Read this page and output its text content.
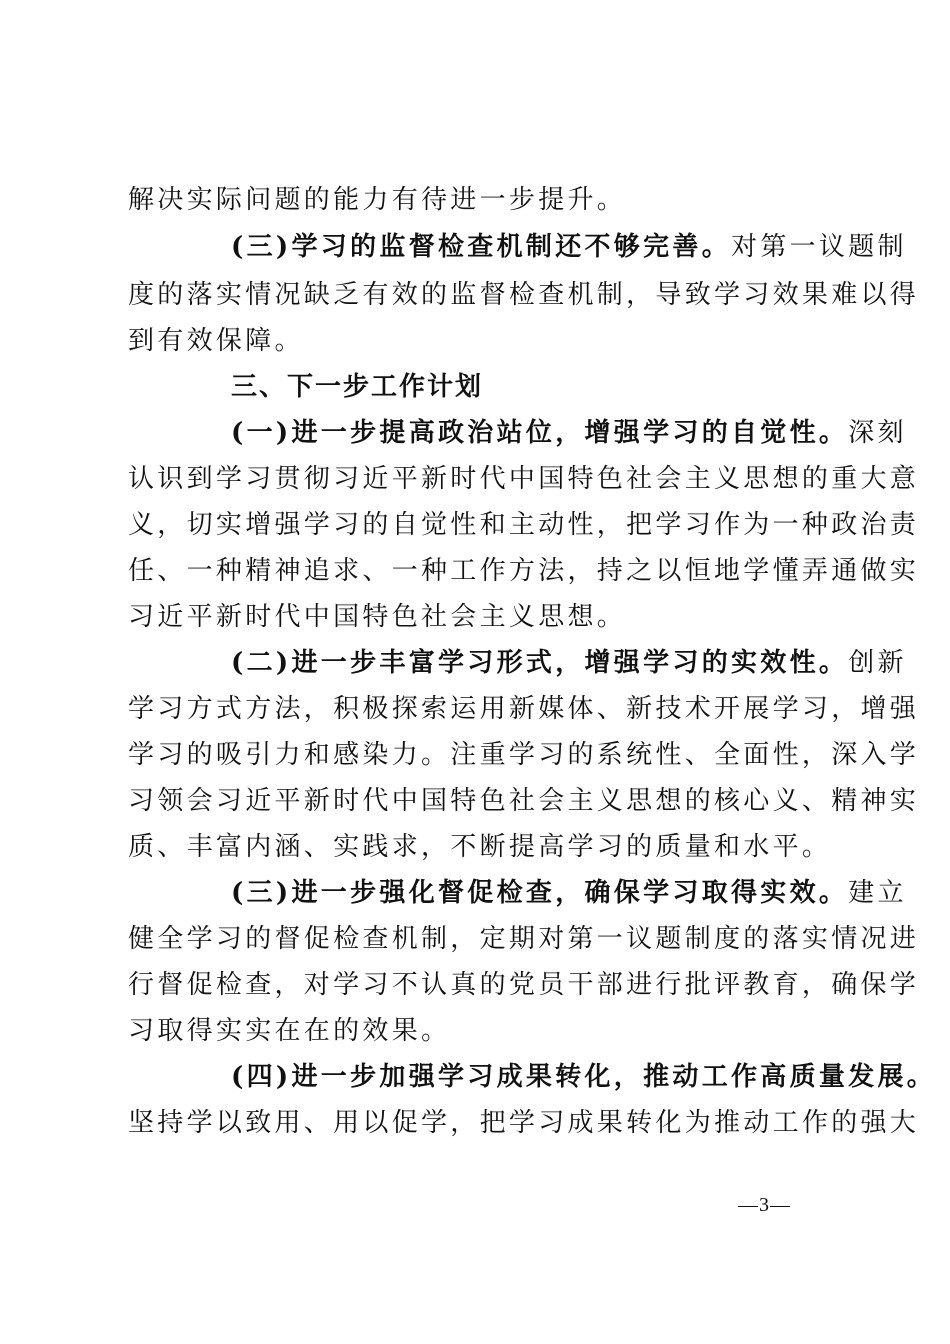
解决实际问题的能力有待进一步提升。
(三)学习的监督检查机制还不够完善。对第一议题制
度的落实情况缺乏有效的监督检查机制，导致学习效果难以得
到有效保障。
三、下一步工作计划
(一)进一步提高政治站位，增强学习的自觉性。深刻
认识到学习贯彻习近平新时代中国特色社会主义思想的重大意
义，切实增强学习的自觉性和主动性，把学习作为一种政治责
任、一种精神追求、一种工作方法，持之以恒地学懂弄通做实
习近平新时代中国特色社会主义思想。
(二)进一步丰富学习形式，增强学习的实效性。创新
学习方式方法，积极探索运用新媒体、新技术开展学习，增强
学习的吸引力和感染力。注重学习的系统性、全面性，深入学
习领会习近平新时代中国特色社会主义思想的核心义、精神实
质、丰富内涵、实践求，不断提高学习的质量和水平。
(三)进一步强化督促检查，确保学习取得实效。建立
健全学习的督促检查机制，定期对第一议题制度的落实情况进
行督促检查，对学习不认真的党员干部进行批评教育，确保学
习取得实实在在的效果。
(四)进一步加强学习成果转化，推动工作高质量发展。
坚持学以致用、用以促学，把学习成果转化为推动工作的强大
—3—
